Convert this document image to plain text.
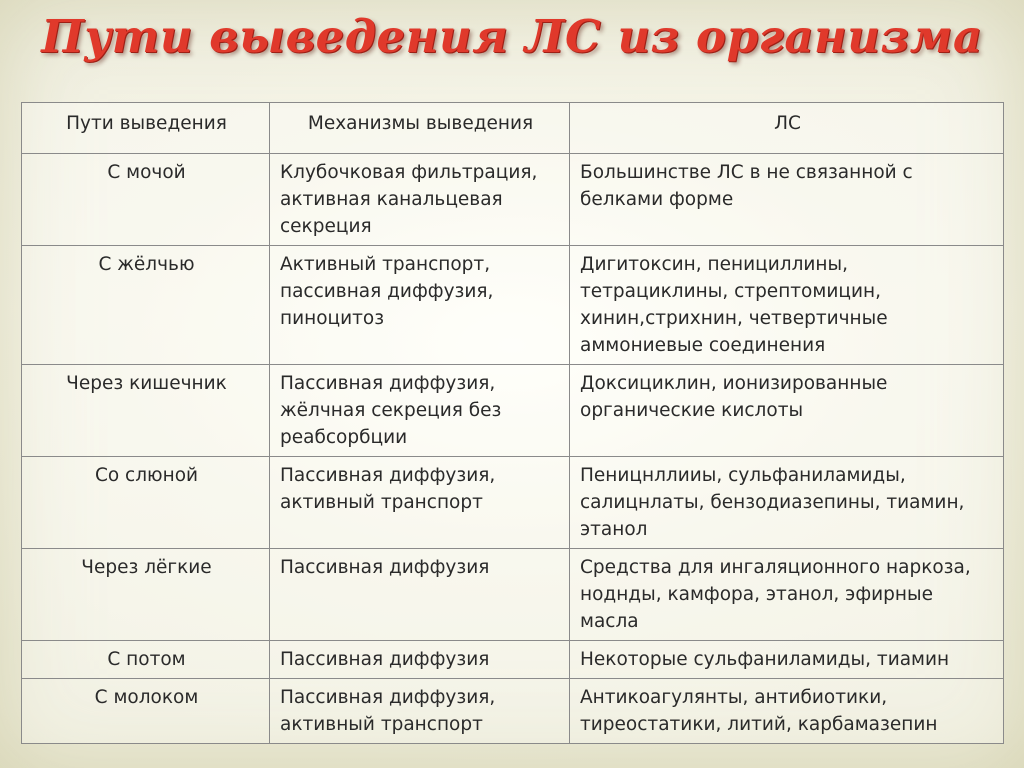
Пути выведения ЛС из организма
Пути выведения	Механизмы выведения	ЛС
С мочой	Клубочковая фильтрация, активная канальцевая секреция	Большинстве ЛС в не связанной с белками форме
С жёлчью	Активный транспорт, пассивная диффузия, пиноцитоз	Дигитоксин, пенициллины, тетрациклины, стрептомицин, хинин,стрихнин, четвертичные аммониевые соединения
Через кишечник	Пассивная диффузия, жёлчная секреция без реабсорбции	Доксициклин, ионизированные органические кислоты
Со слюной	Пассивная диффузия, активный транспорт	Пеницнллииы, сульфаниламиды, салицнлаты, бензодиазепины, тиамин, этанол
Через лёгкие	Пассивная диффузия	Средства для ингаляционного наркоза, ноднды, камфора, этанол, эфирные масла
С потом	Пассивная диффузия	Некоторые сульфаниламиды, тиамин
С молоком	Пассивная диффузия, активный транспорт	Антикоагулянты, антибиотики, тиреостатики, литий, карбамазепин
